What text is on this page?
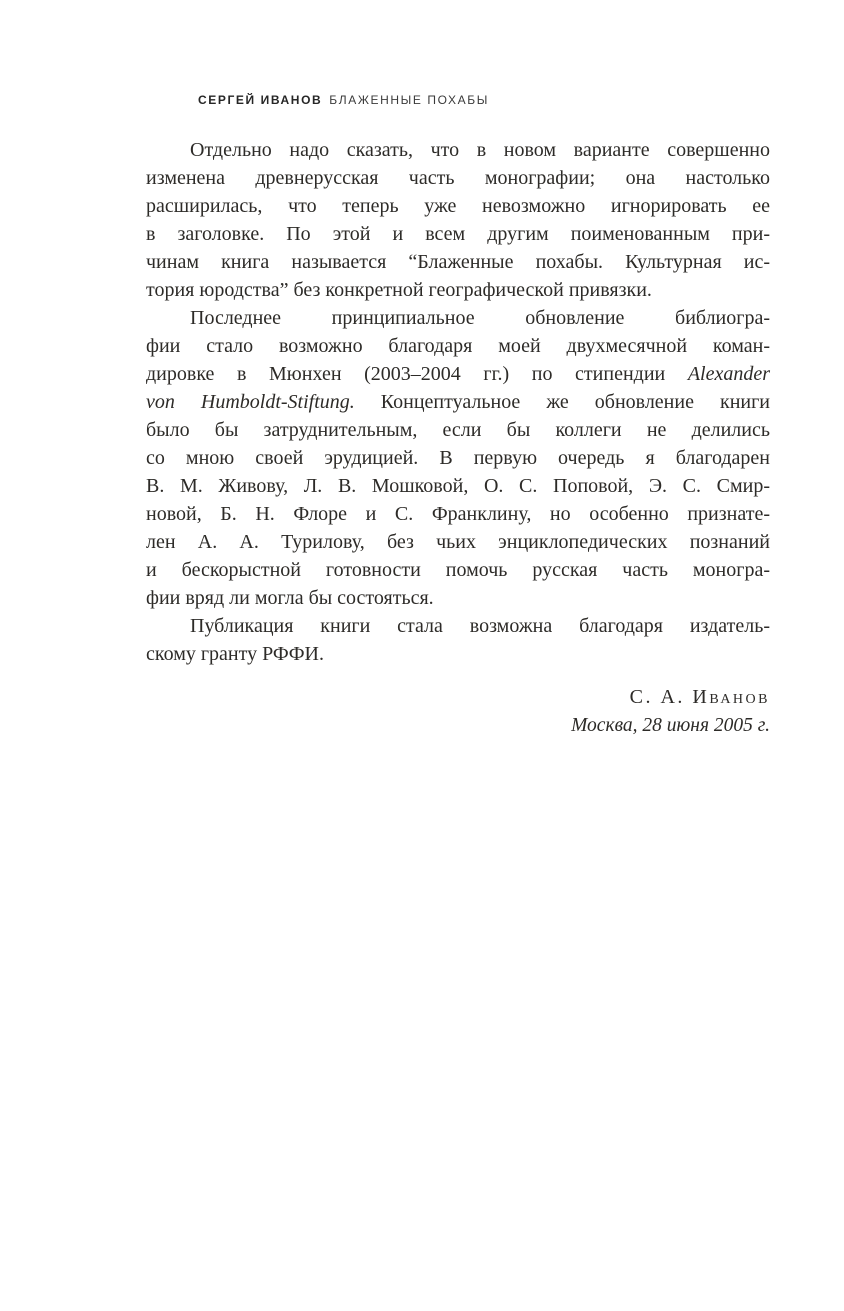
СЕРГЕЙ ИВАНОВ БЛАЖЕННЫЕ ПОХАБЫ
Отдельно надо сказать, что в новом варианте совершенно
изменена древнерусская часть монографии; она настолько
расширилась, что теперь уже невозможно игнорировать ее
в заголовке. По этой и всем другим поименованным при-
чинам книга называется “Блаженные похабы. Культурная ис-
тория юродства” без конкретной географической привязки.
Последнее принципиальное обновление библиогра-
фии стало возможно благодаря моей двухмесячной коман-
дировке в Мюнхен (2003–2004 гг.) по стипендии Alexander
von Humboldt-Stiftung. Концептуальное же обновление книги
было бы затруднительным, если бы коллеги не делились
со мною своей эрудицией. В первую очередь я благодарен
В. М. Живову, Л. В. Мошковой, О. С. Поповой, Э. С. Смир-
новой, Б. Н. Флоре и С. Франклину, но особенно признате-
лен А. А. Турилову, без чьих энциклопедических познаний
и бескорыстной готовности помочь русская часть моногра-
фии вряд ли могла бы состояться.
Публикация книги стала возможна благодаря издатель-
скому гранту РФФИ.
С. А. Иванов
Москва, 28 июня 2005 г.
